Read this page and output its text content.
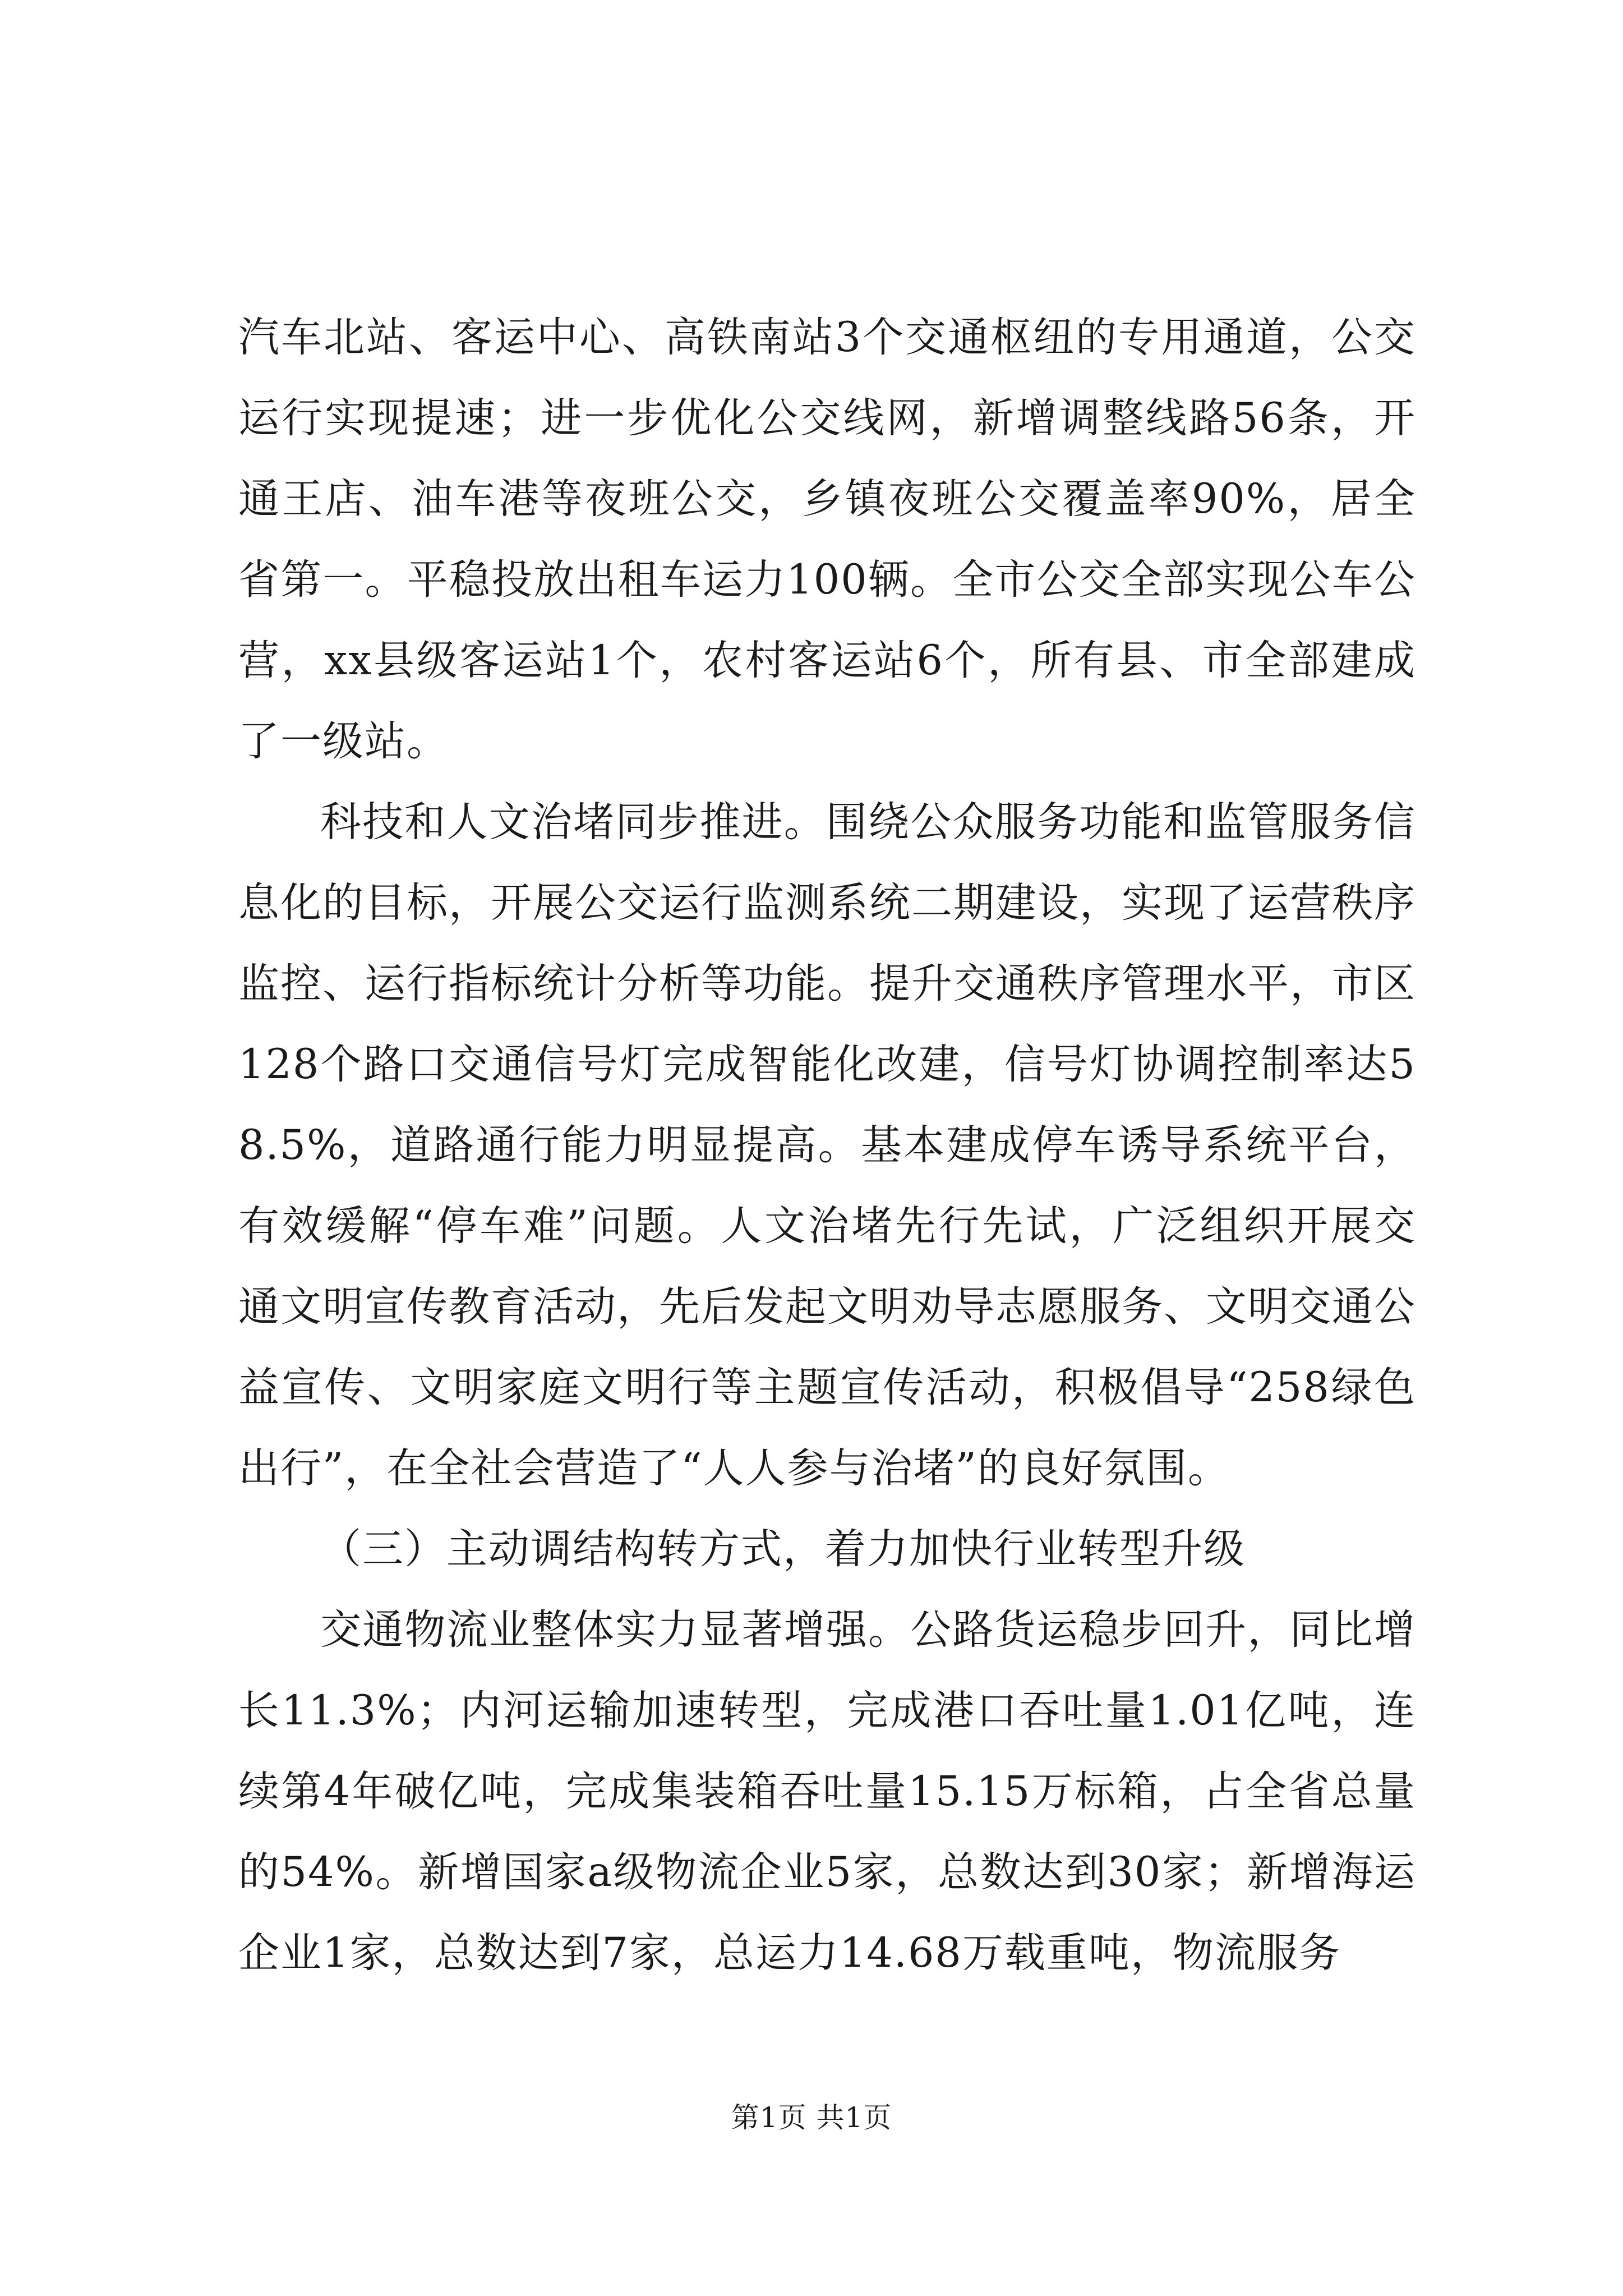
汽车北站、客运中心、高铁南站3个交通枢纽的专用通道，公交运行实现提速；进一步优化公交线网，新增调整线路56条，开通王店、油车港等夜班公交，乡镇夜班公交覆盖率90%，居全省第一。平稳投放出租车运力100辆。全市公交全部实现公车公营，xx县级客运站1个，农村客运站6个，所有县、市全部建成了一级站。

科技和人文治堵同步推进。围绕公众服务功能和监管服务信息化的目标，开展公交运行监测系统二期建设，实现了运营秩序监控、运行指标统计分析等功能。提升交通秩序管理水平，市区128个路口交通信号灯完成智能化改建，信号灯协调控制率达58.5%，道路通行能力明显提高。基本建成停车诱导系统平台，有效缓解“停车难”问题。人文治堵先行先试，广泛组织开展交通文明宣传教育活动，先后发起文明劝导志愿服务、文明交通公益宣传、文明家庭文明行等主题宣传活动，积极倡导“258绿色出行”，在全社会营造了“人人参与治堵”的良好氛围。

（三）主动调结构转方式，着力加快行业转型升级

交通物流业整体实力显著增强。公路货运稳步回升，同比增长11.3%；内河运输加速转型，完成港口吞吐量1.01亿吨，连续第4年破亿吨，完成集装箱吞吐量15.15万标箱，占全省总量的54%。新增国家a级物流企业5家，总数达到30家；新增海运企业1家，总数达到7家，总运力14.68万载重吨，物流服务

第1页 共1页
